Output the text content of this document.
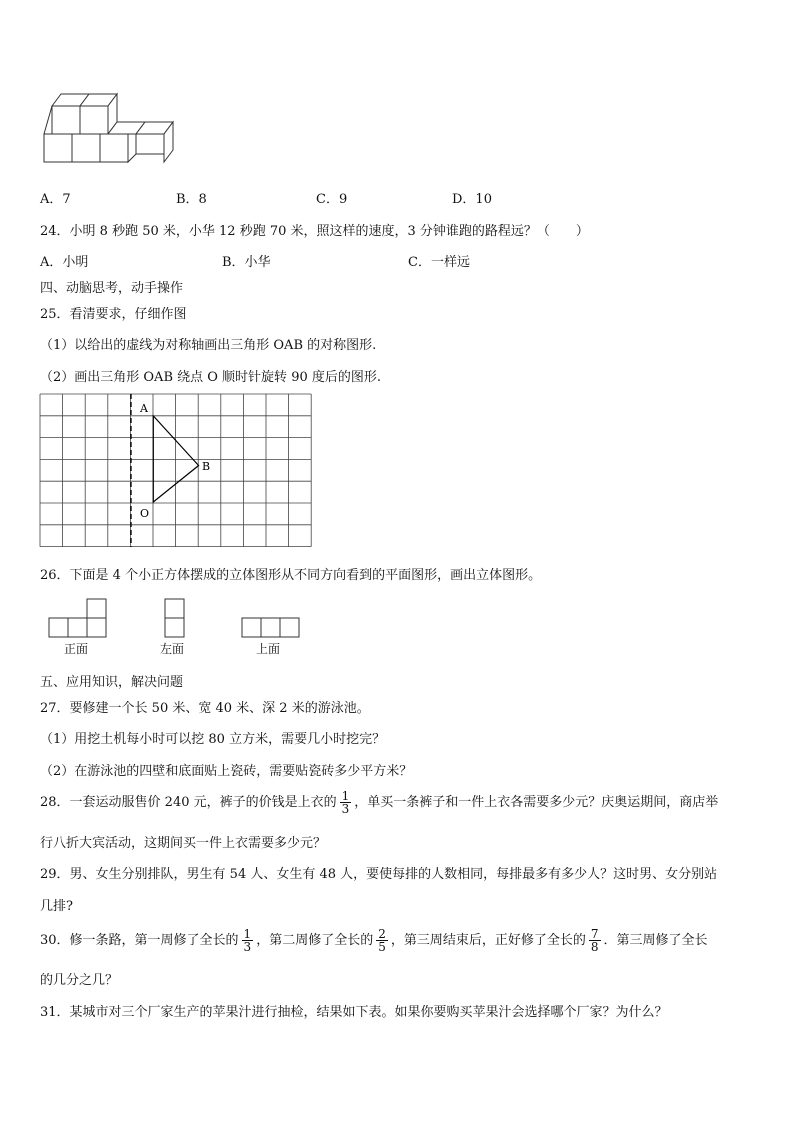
A．7	B．8	C．9	D．10
24．小明 8 秒跑 50 米，小华 12 秒跑 70 米，照这样的速度，3 分钟谁跑的路程远？（　　）
A．小明	B．小华	C．一样远
四、动脑思考，动手操作
25．看清要求，仔细作图
（1）以给出的虚线为对称轴画出三角形 OAB 的对称图形.
（2）画出三角形 OAB 绕点 O 顺时针旋转 90 度后的图形.
A
B
O
26．下面是 4 个小正方体摆成的立体图形从不同方向看到的平面图形，画出立体图形。
正面	左面	上面
五、应用知识，解决问题
27．要修建一个长 50 米、宽 40 米、深 2 米的游泳池。
（1）用挖土机每小时可以挖 80 立方米，需要几小时挖完？
（2）在游泳池的四壁和底面贴上瓷砖，需要贴瓷砖多少平方米？
28．一套运动服售价 240 元，裤子的价钱是上衣的 $\frac{1}{3}$ ，单买一条裤子和一件上衣各需要多少元？庆奥运期间，商店举
行八折大宾活动，这期间买一件上衣需要多少元？
29．男、女生分别排队，男生有 54 人、女生有 48 人，要使每排的人数相同，每排最多有多少人？这时男、女分别站
几排?
30．修一条路，第一周修了全长的 $\frac{1}{3}$ ，第二周修了全长的 $\frac{2}{5}$ ，第三周结束后，正好修了全长的 $\frac{7}{8}$ ．第三周修了全长
的几分之几？
31．某城市对三个厂家生产的苹果汁进行抽检，结果如下表。如果你要购买苹果汁会选择哪个厂家？为什么？
